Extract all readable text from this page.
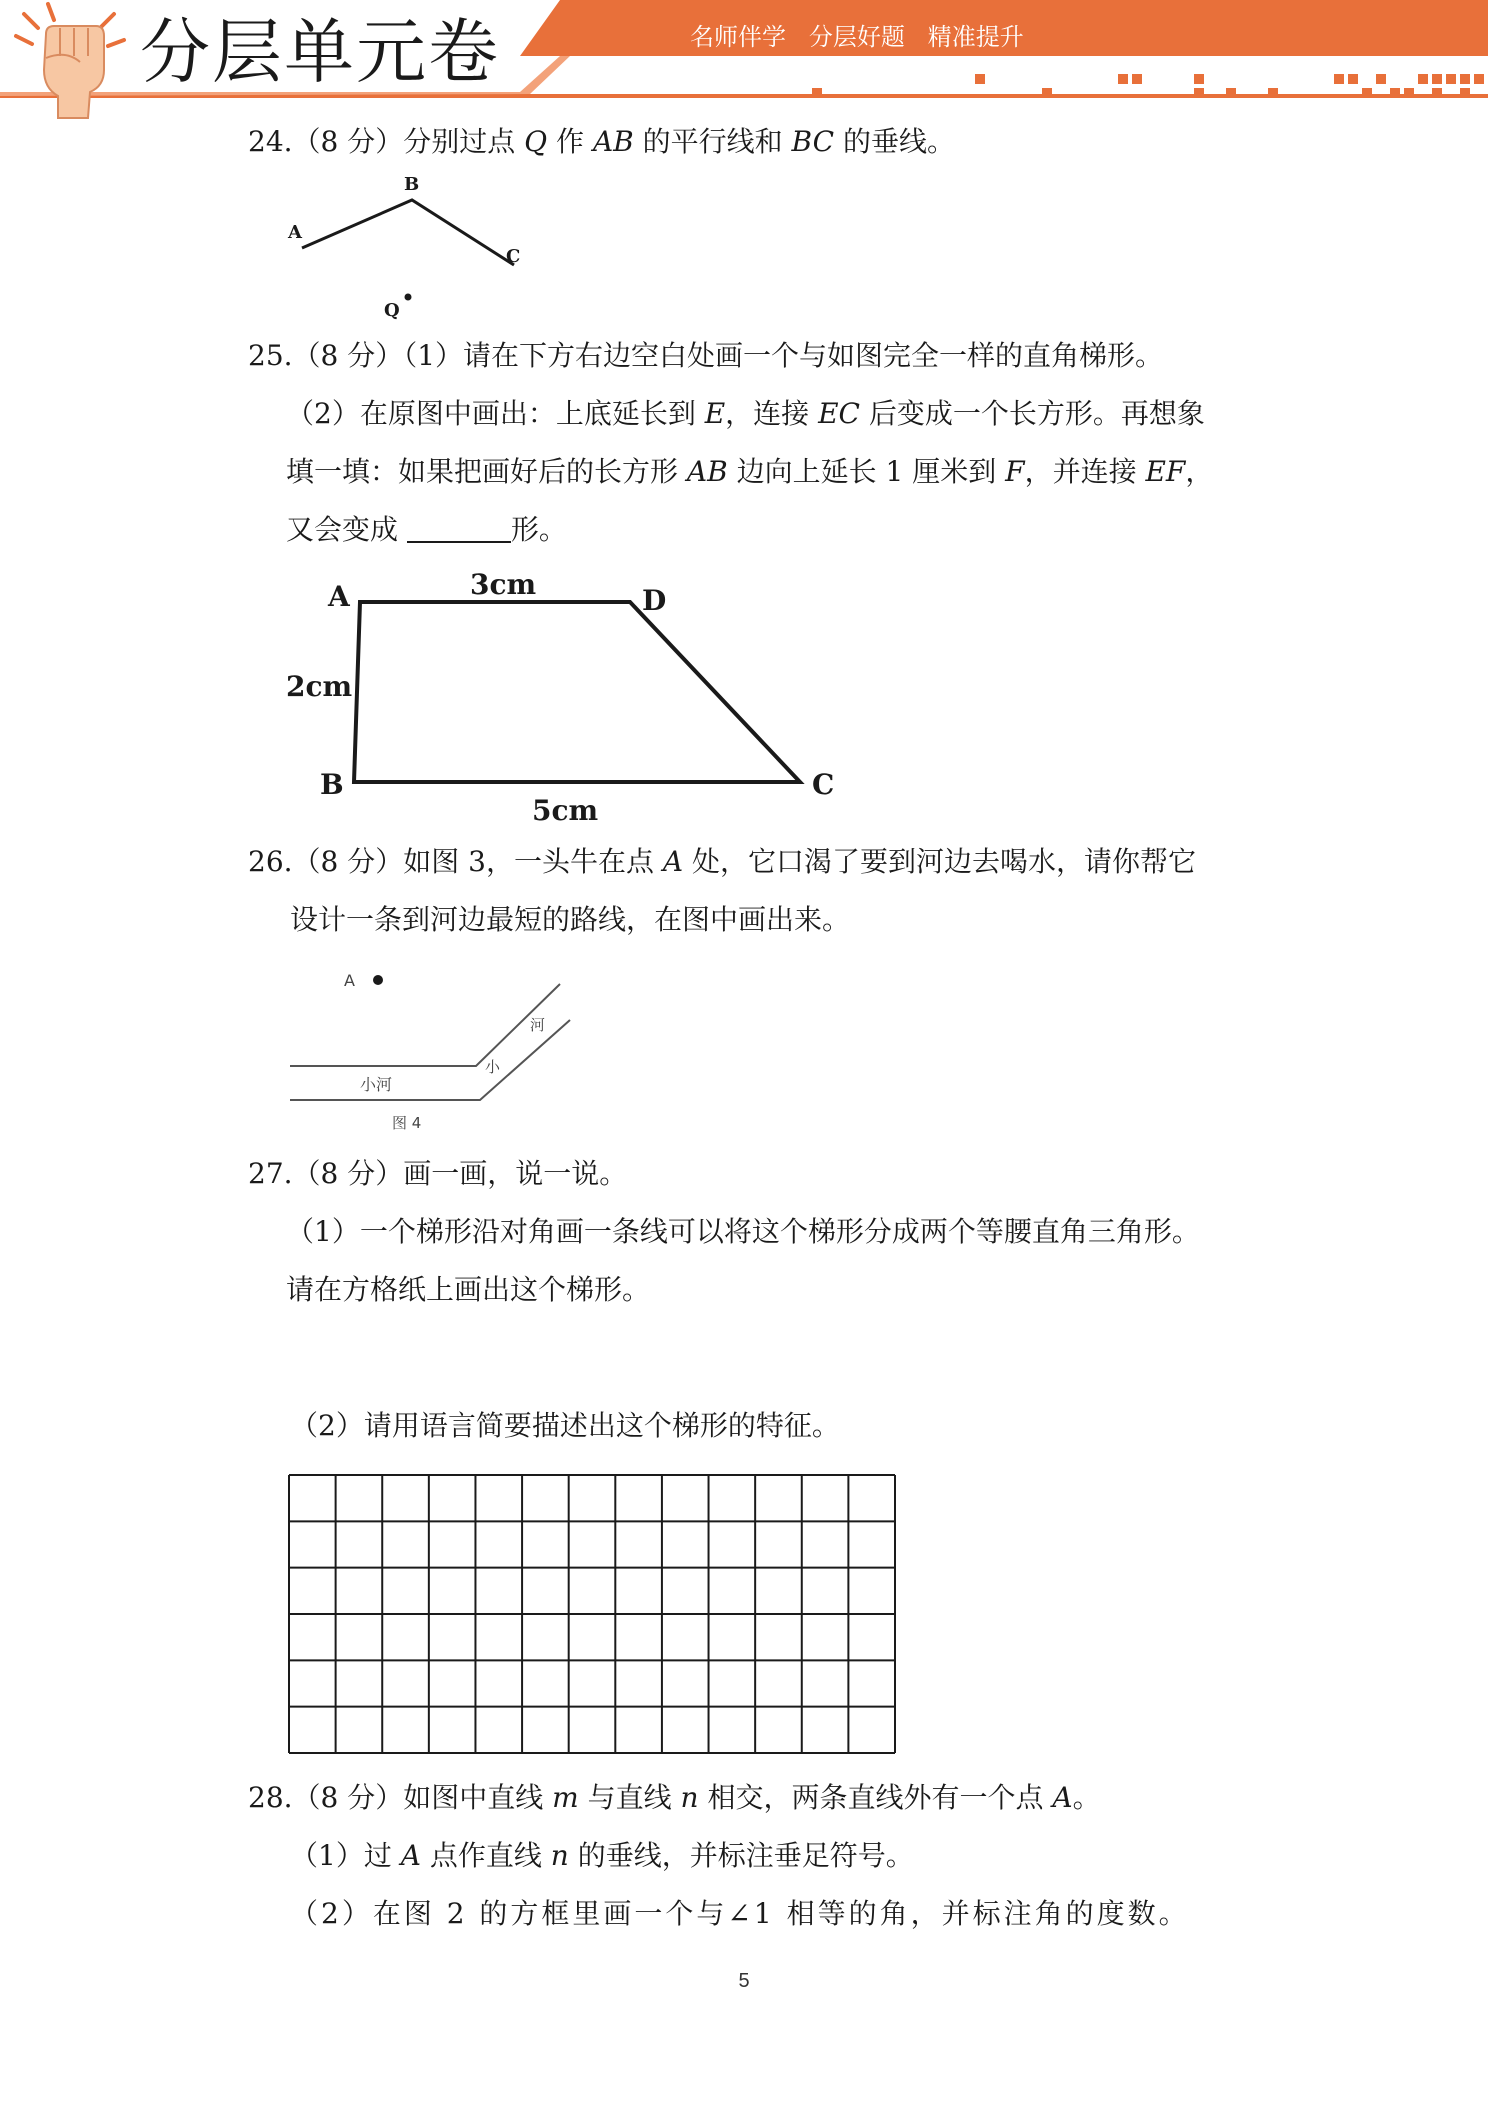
分层单元卷	名师伴学   分层好题   精准提升
24.（8 分）分别过点 Q 作 AB 的平行线和 BC 的垂线。
A
B
C
Q
25.（8 分）（1）请在下方右边空白处画一个与如图完全一样的直角梯形。
（2）在原图中画出：上底延长到 E，连接 EC 后变成一个长方形。再想象
填一填：如果把画好后的长方形 AB 边向上延长 1 厘米到 F，并连接 EF，
又会变成	形。
A	D
B	C
3cm
2cm
5cm
26.（8 分）如图 3，一头牛在点 A 处，它口渴了要到河边去喝水，请你帮它
设计一条到河边最短的路线，在图中画出来。
A
小河
河
小
图 4
27.（8 分）画一画，说一说。
（1）一个梯形沿对角画一条线可以将这个梯形分成两个等腰直角三角形。
请在方格纸上画出这个梯形。
（2）请用语言简要描述出这个梯形的特征。
28.（8 分）如图中直线 m 与直线 n 相交，两条直线外有一个点 A。
（1）过 A 点作直线 n 的垂线，并标注垂足符号。
（2）在图 2 的方框里画一个与∠1 相等的角，并标注角的度数。
5
